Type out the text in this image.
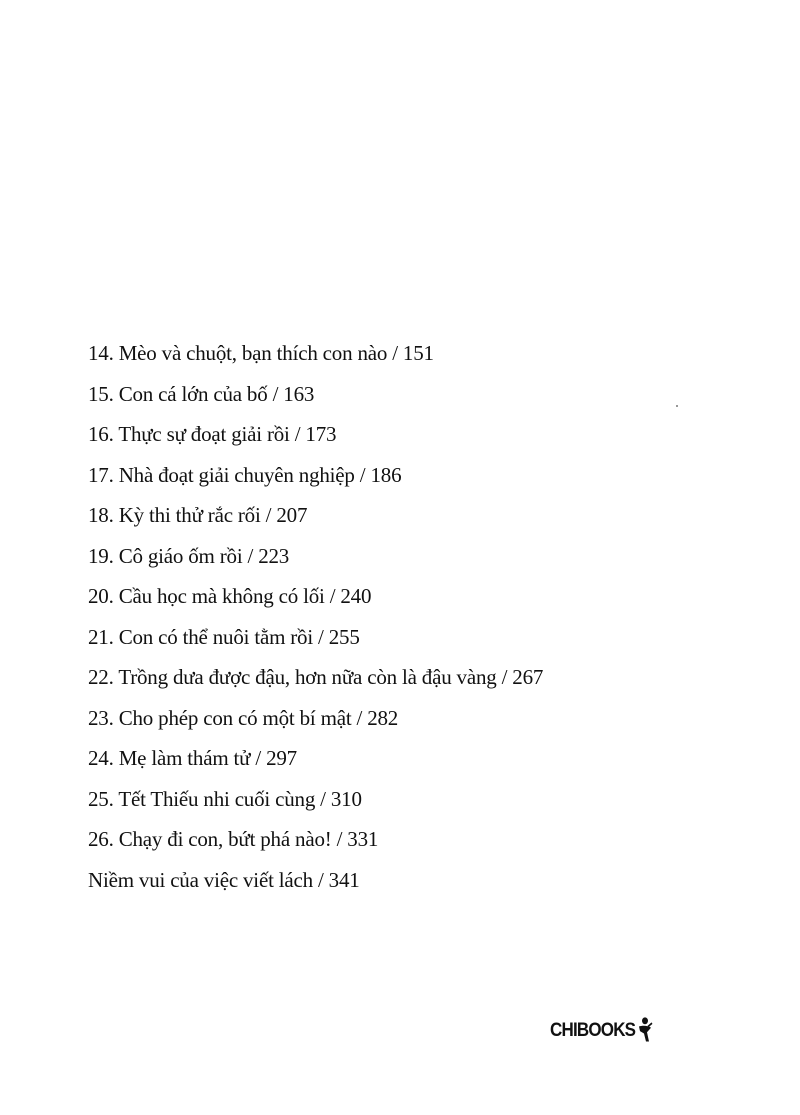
14. Mèo và chuột, bạn thích con nào / 151
15. Con cá lớn của bố / 163
16. Thực sự đoạt giải rồi / 173
17. Nhà đoạt giải chuyên nghiệp / 186
18. Kỳ thi thử rắc rối / 207
19. Cô giáo ốm rồi / 223
20. Cầu học mà không có lối / 240
21. Con có thể nuôi tằm rồi / 255
22. Trồng dưa được đậu, hơn nữa còn là đậu vàng / 267
23. Cho phép con có một bí mật / 282
24. Mẹ làm thám tử / 297
25. Tết Thiếu nhi cuối cùng / 310
26. Chạy đi con, bứt phá nào! / 331
Niềm vui của việc viết lách / 341
CHIBOOKS
